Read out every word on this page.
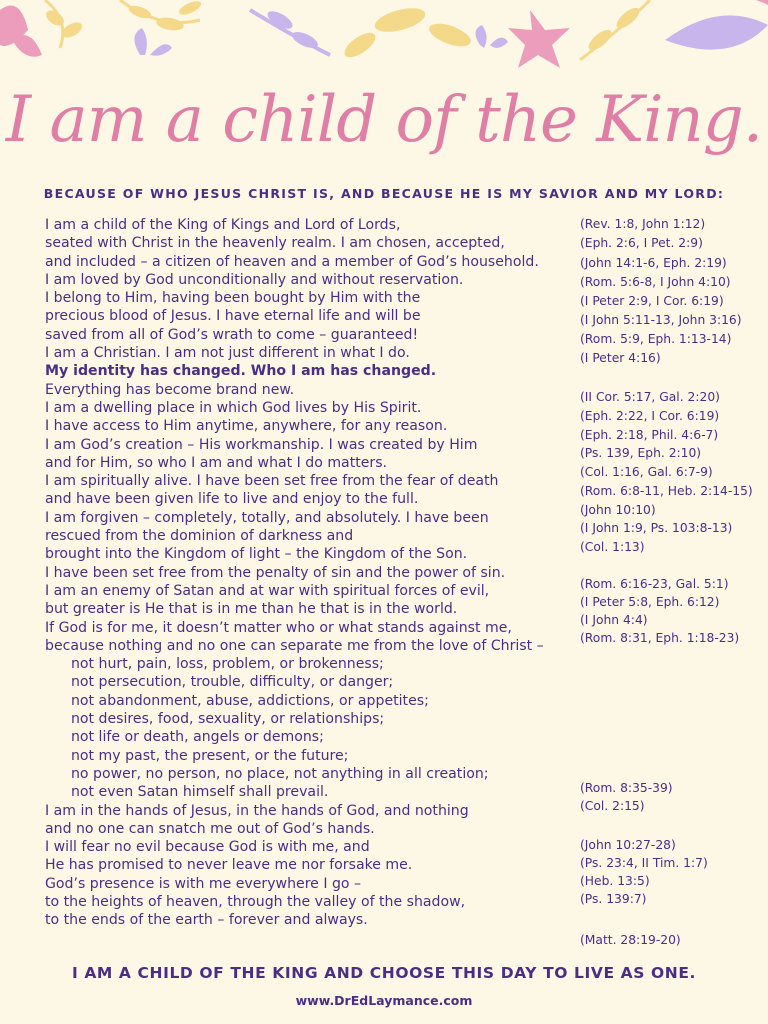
I am a child of the King.
BECAUSE OF WHO JESUS CHRIST IS, AND BECAUSE HE IS MY SAVIOR AND MY LORD:
I am a child of the King of Kings and Lord of Lords,
seated with Christ in the heavenly realm. I am chosen, accepted,
and included – a citizen of heaven and a member of God’s household.
I am loved by God unconditionally and without reservation.
I belong to Him, having been bought by Him with the
precious blood of Jesus. I have eternal life and will be
saved from all of God’s wrath to come – guaranteed!
I am a Christian. I am not just different in what I do.
My identity has changed. Who I am has changed.
Everything has become brand new.
I am a dwelling place in which God lives by His Spirit.
I have access to Him anytime, anywhere, for any reason.
I am God’s creation – His workmanship. I was created by Him
and for Him, so who I am and what I do matters.
I am spiritually alive. I have been set free from the fear of death
and have been given life to live and enjoy to the full.
I am forgiven – completely, totally, and absolutely. I have been
rescued from the dominion of darkness and
brought into the Kingdom of light – the Kingdom of the Son.
I have been set free from the penalty of sin and the power of sin.
I am an enemy of Satan and at war with spiritual forces of evil,
but greater is He that is in me than he that is in the world.
If God is for me, it doesn’t matter who or what stands against me,
because nothing and no one can separate me from the love of Christ –
not hurt, pain, loss, problem, or brokenness;
not persecution, trouble, difficulty, or danger;
not abandonment, abuse, addictions, or appetites;
not desires, food, sexuality, or relationships;
not life or death, angels or demons;
not my past, the present, or the future;
no power, no person, no place, not anything in all creation;
not even Satan himself shall prevail.
I am in the hands of Jesus, in the hands of God, and nothing
and no one can snatch me out of God’s hands.
I will fear no evil because God is with me, and
He has promised to never leave me nor forsake me.
God’s presence is with me everywhere I go –
to the heights of heaven, through the valley of the shadow,
to the ends of the earth – forever and always.
(Rev. 1:8, John 1:12)
(Eph. 2:6, I Pet. 2:9)
(John 14:1-6, Eph. 2:19)
(Rom. 5:6-8, I John 4:10)
(I Peter 2:9, I Cor. 6:19)
(I John 5:11-13, John 3:16)
(Rom. 5:9, Eph. 1:13-14)
(I Peter 4:16)
(II Cor. 5:17, Gal. 2:20)
(Eph. 2:22, I Cor. 6:19)
(Eph. 2:18, Phil. 4:6-7)
(Ps. 139, Eph. 2:10)
(Col. 1:16, Gal. 6:7-9)
(Rom. 6:8-11, Heb. 2:14-15)
(John 10:10)
(I John 1:9, Ps. 103:8-13)
(Col. 1:13)
(Rom. 6:16-23, Gal. 5:1)
(I Peter 5:8, Eph. 6:12)
(I John 4:4)
(Rom. 8:31, Eph. 1:18-23)
(Rom. 8:35-39)
(Col. 2:15)
(John 10:27-28)
(Ps. 23:4, II Tim. 1:7)
(Heb. 13:5)
(Ps. 139:7)
(Matt. 28:19-20)
I AM A CHILD OF THE KING AND CHOOSE THIS DAY TO LIVE AS ONE.
www.DrEdLaymance.com
